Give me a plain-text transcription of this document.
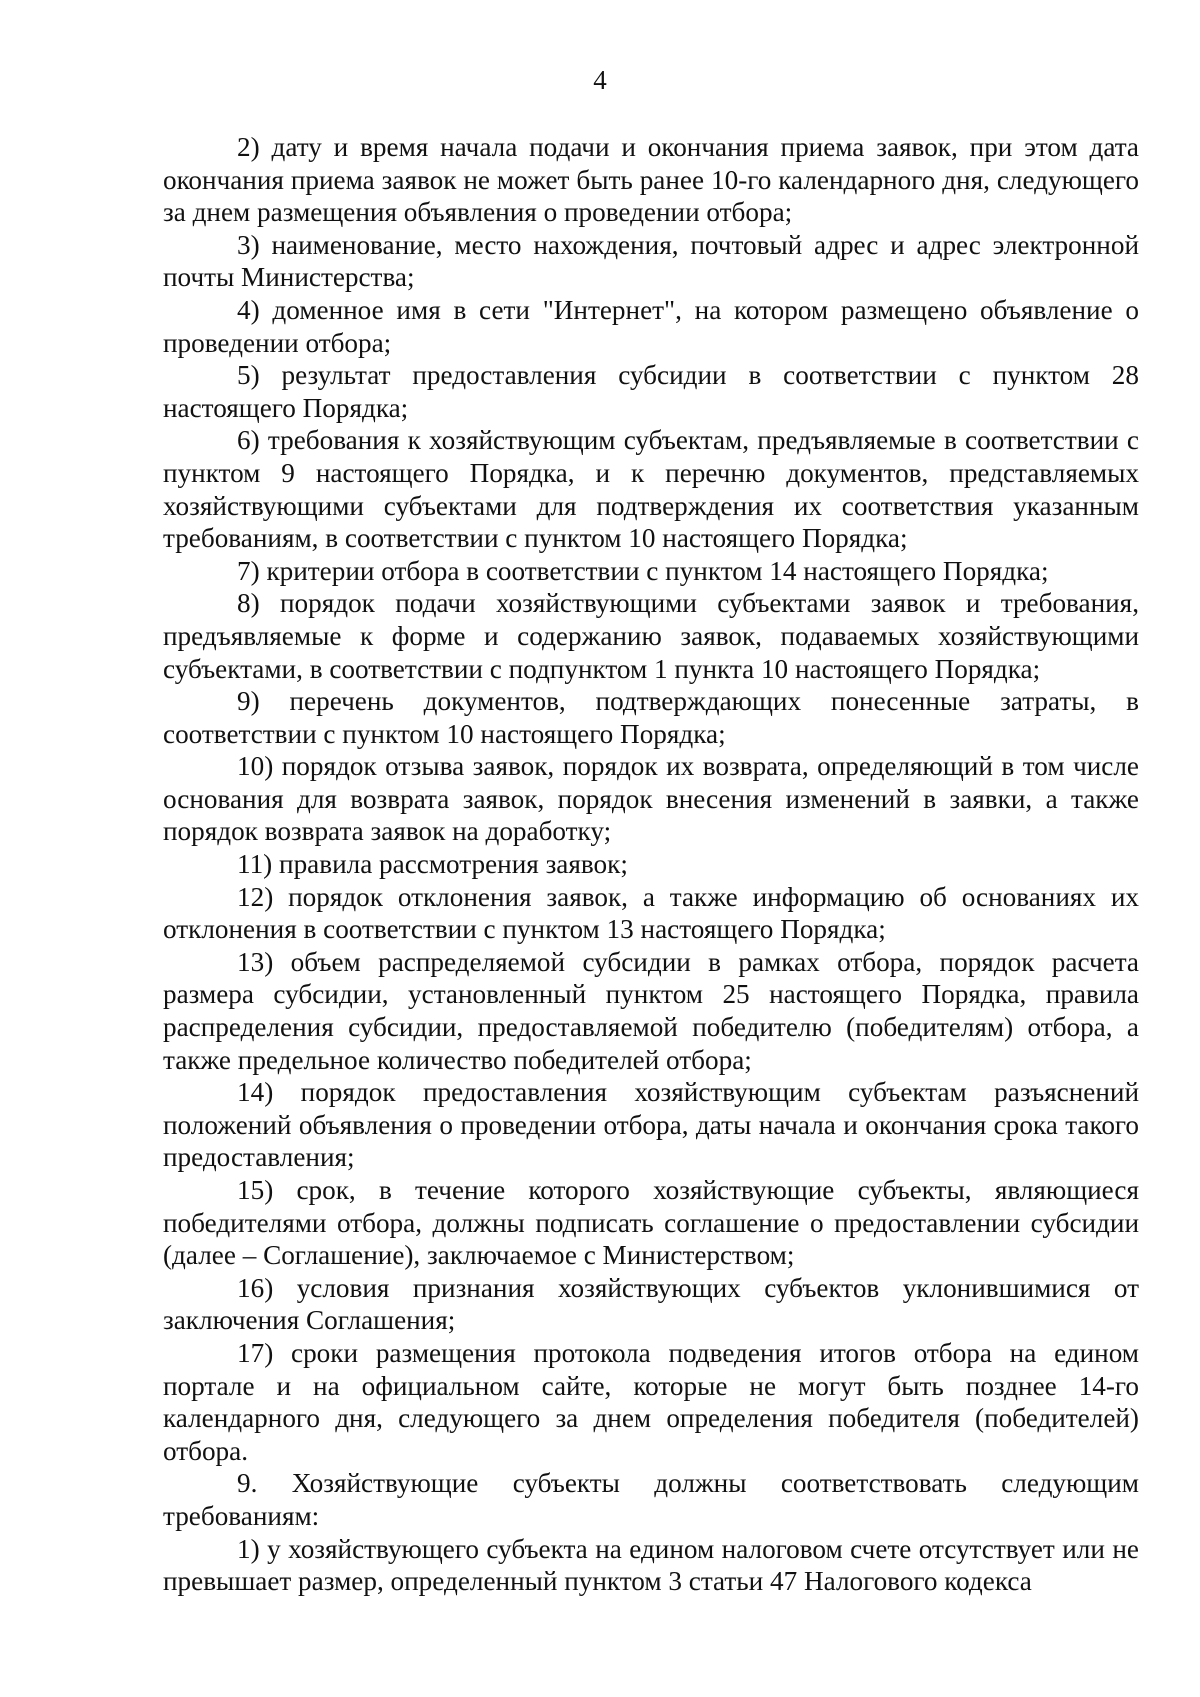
4

2) дату и время начала подачи и окончания приема заявок, при этом дата окончания приема заявок не может быть ранее 10-го календарного дня, следующего за днем размещения объявления о проведении отбора;

3) наименование, место нахождения, почтовый адрес и адрес электронной почты Министерства;

4) доменное имя в сети "Интернет", на котором размещено объявление о проведении отбора;

5) результат предоставления субсидии в соответствии с пунктом 28 настоящего Порядка;

6) требования к хозяйствующим субъектам, предъявляемые в соответствии с пунктом 9 настоящего Порядка, и к перечню документов, представляемых хозяйствующими субъектами для подтверждения их соответствия указанным требованиям, в соответствии с пунктом 10 настоящего Порядка;

7) критерии отбора в соответствии с пунктом 14 настоящего Порядка;

8) порядок подачи хозяйствующими субъектами заявок и требования, предъявляемые к форме и содержанию заявок, подаваемых хозяйствующими субъектами, в соответствии с подпунктом 1 пункта 10 настоящего Порядка;

9) перечень документов, подтверждающих понесенные затраты, в соответствии с пунктом 10 настоящего Порядка;

10) порядок отзыва заявок, порядок их возврата, определяющий в том числе основания для возврата заявок, порядок внесения изменений в заявки, а также порядок возврата заявок на доработку;

11) правила рассмотрения заявок;

12) порядок отклонения заявок, а также информацию об основаниях их отклонения в соответствии с пунктом 13 настоящего Порядка;

13) объем распределяемой субсидии в рамках отбора, порядок расчета размера субсидии, установленный пунктом 25 настоящего Порядка, правила распределения субсидии, предоставляемой победителю (победителям) отбора, а также предельное количество победителей отбора;

14) порядок предоставления хозяйствующим субъектам разъяснений положений объявления о проведении отбора, даты начала и окончания срока такого предоставления;

15) срок, в течение которого хозяйствующие субъекты, являющиеся победителями отбора, должны подписать соглашение о предоставлении субсидии (далее – Соглашение), заключаемое с Министерством;

16) условия признания хозяйствующих субъектов уклонившимися от заключения Соглашения;

17) сроки размещения протокола подведения итогов отбора на едином портале и на официальном сайте, которые не могут быть позднее 14-го календарного дня, следующего за днем определения победителя (победителей) отбора.

9. Хозяйствующие субъекты должны соответствовать следующим требованиям:

1) у хозяйствующего субъекта на едином налоговом счете отсутствует или не превышает размер, определенный пунктом 3 статьи 47 Налогового кодекса
